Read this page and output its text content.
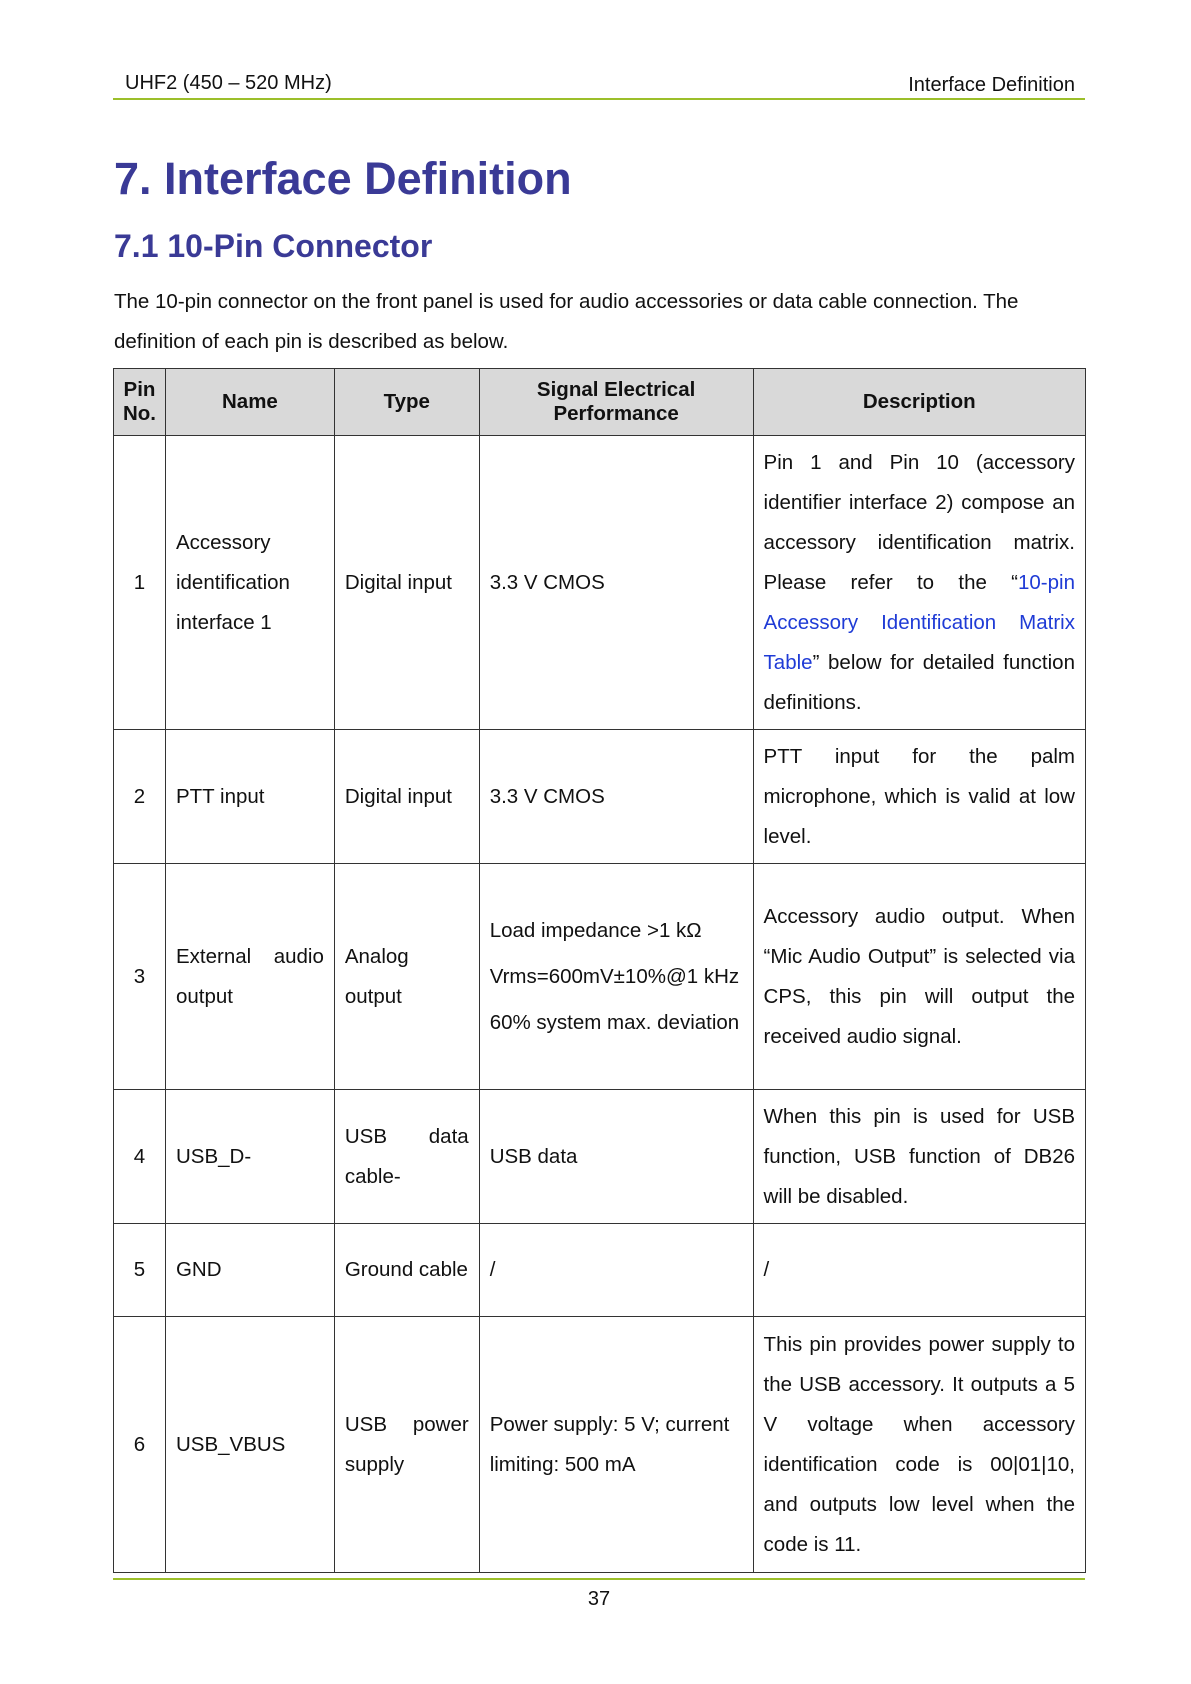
UHF2 (450 – 520 MHz)	Interface Definition
7. Interface Definition
7.1 10-Pin Connector

The 10-pin connector on the front panel is used for audio accessories or data cable connection. The definition of each pin is described as below.

Pin No.	Name	Type	Signal Electrical Performance	Description
1	Accessory identification interface 1	Digital input	3.3 V CMOS	Pin 1 and Pin 10 (accessory identifier interface 2) compose an accessory identification matrix. Please refer to the “10-pin Accessory Identification Matrix Table” below for detailed function definitions.
2	PTT input	Digital input	3.3 V CMOS	PTT input for the palm microphone, which is valid at low level.
3	External audio output	Analog output	Load impedance >1 kΩ
Vrms=600mV±10%@1 kHz
60% system max. deviation	Accessory audio output. When “Mic Audio Output” is selected via CPS, this pin will output the received audio signal.
4	USB_D-	USB data cable-	USB data	When this pin is used for USB function, USB function of DB26 will be disabled.
5	GND	Ground cable	/	/
6	USB_VBUS	USB power supply	Power supply: 5 V; current limiting: 500 mA	This pin provides power supply to the USB accessory. It outputs a 5 V voltage when accessory identification code is 00|01|10, and outputs low level when the code is 11.
37
